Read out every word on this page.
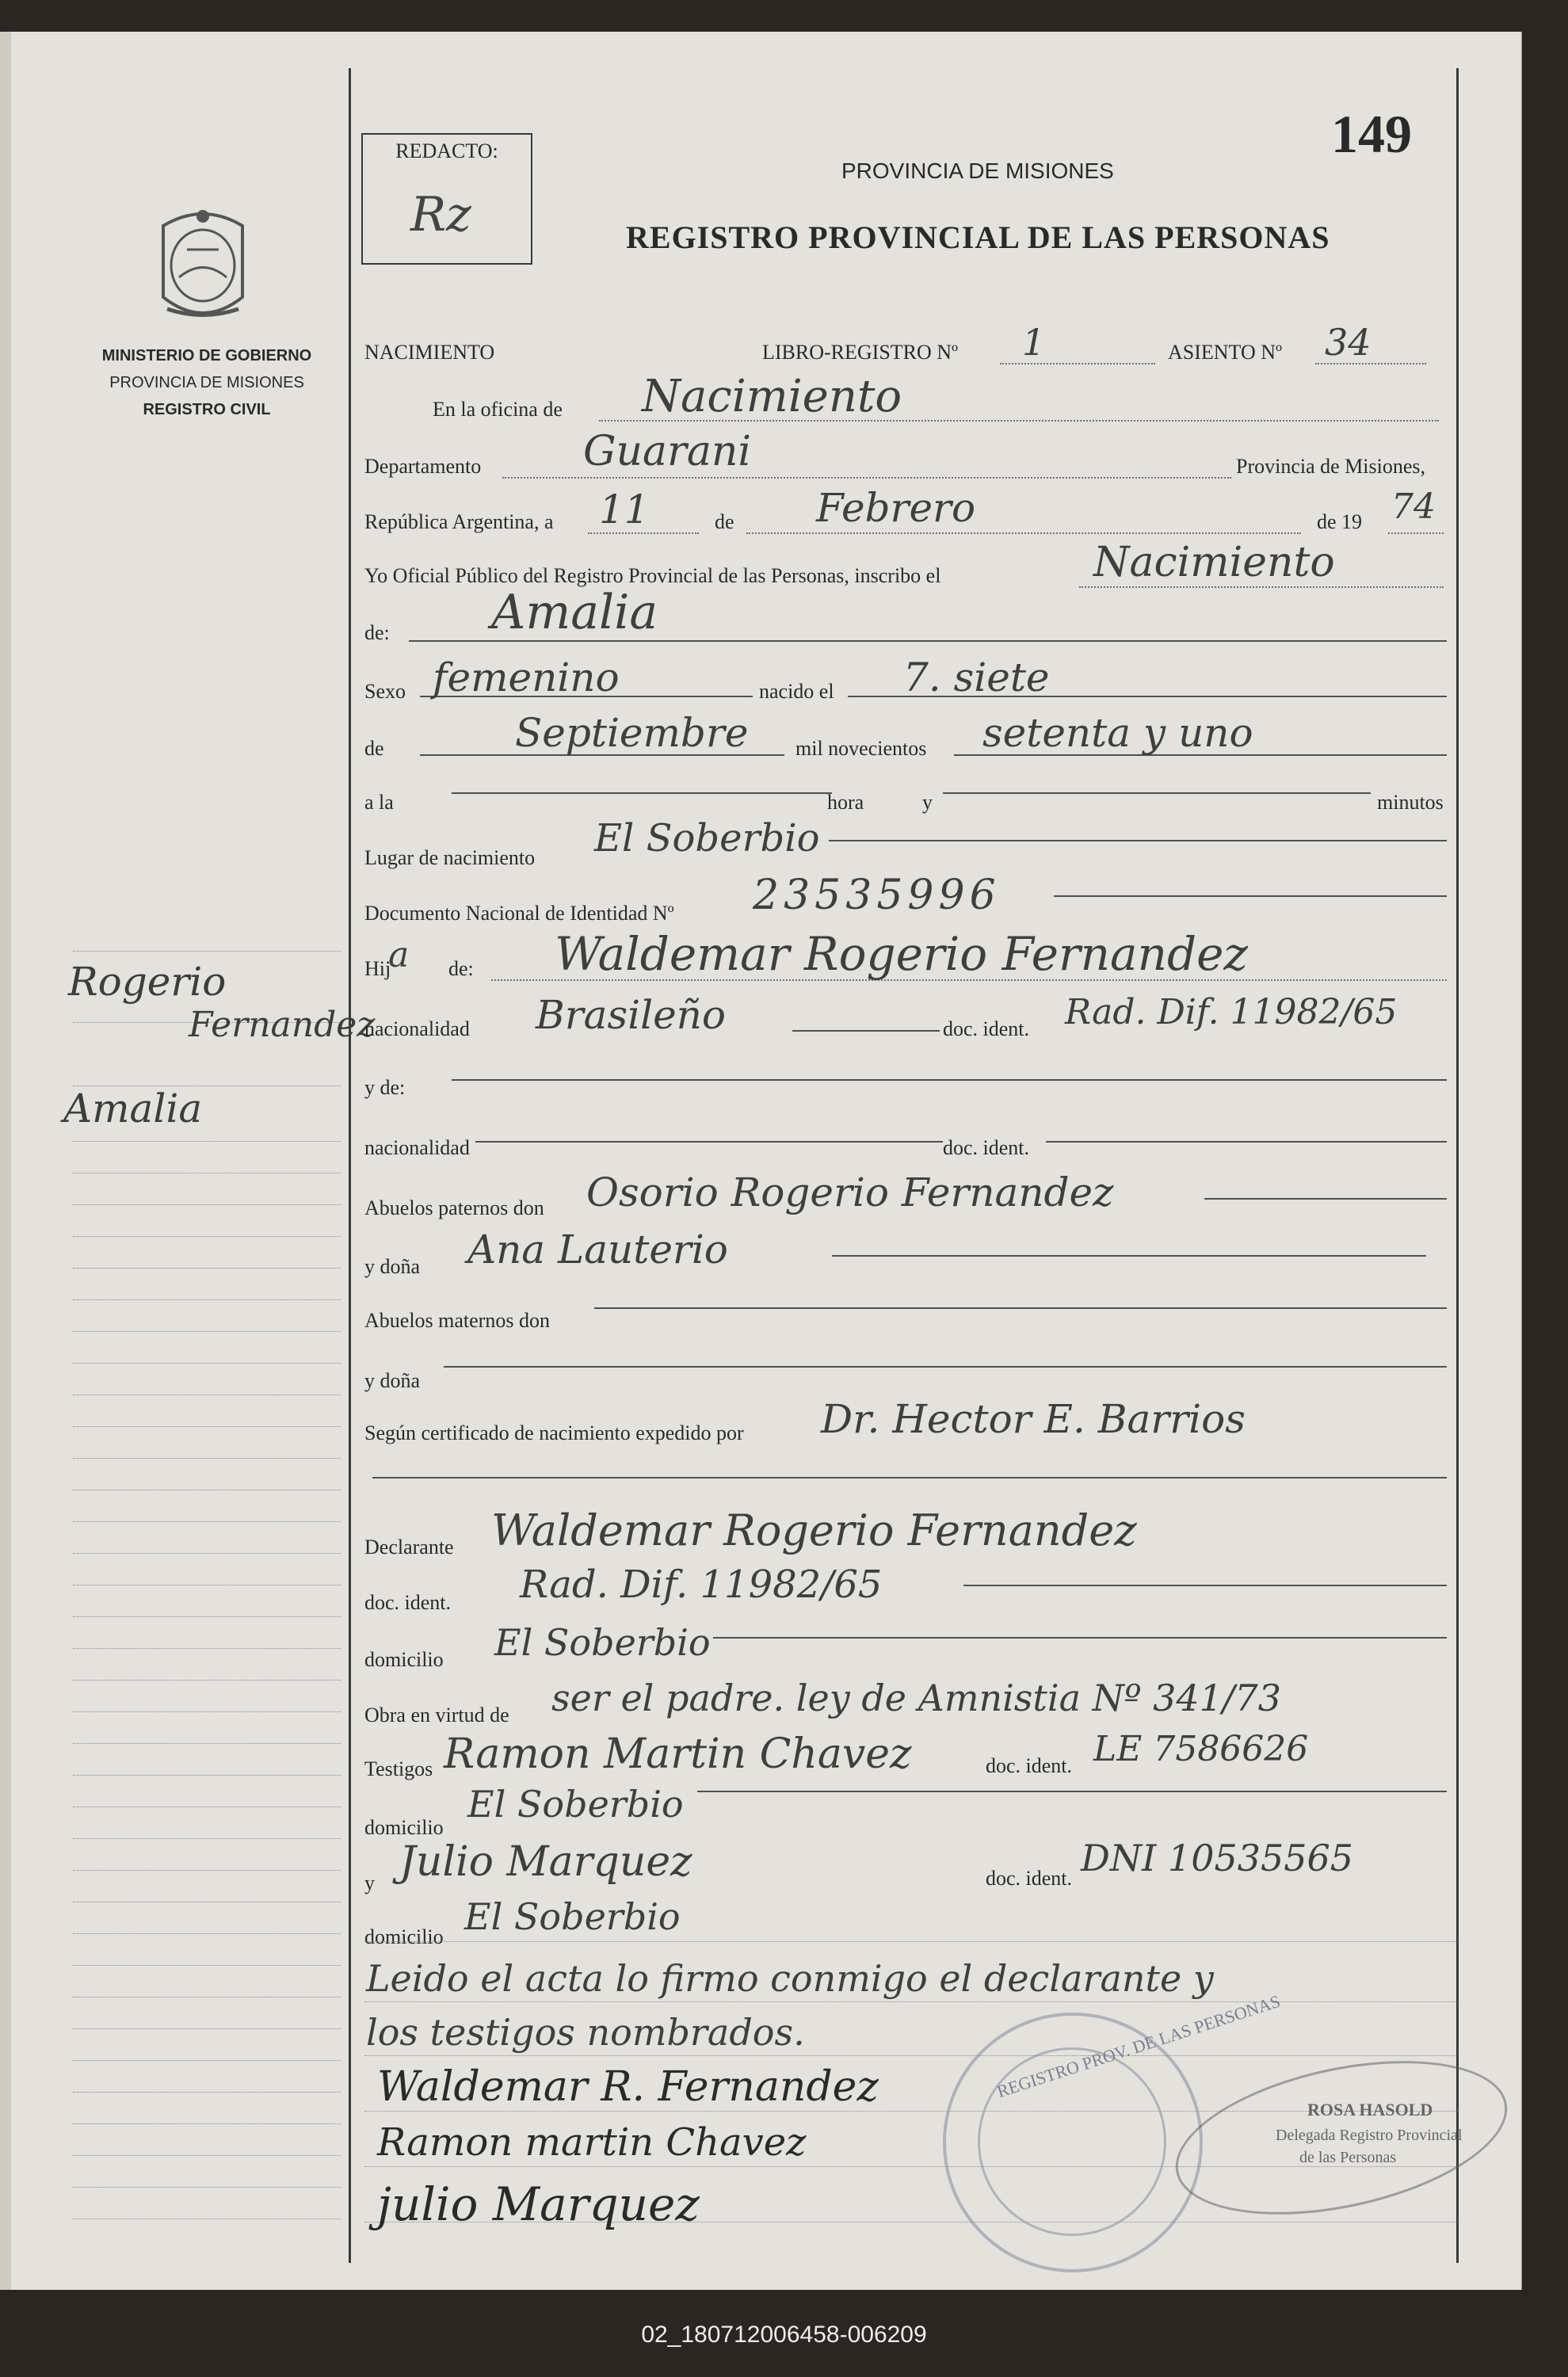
MINISTERIO DE GOBIERNO
PROVINCIA DE MISIONES
REGISTRO CIVIL
Rogerio
Fernandez
Amalia
REDACTO:
Rz
149
PROVINCIA DE MISIONES
REGISTRO PROVINCIAL DE LAS PERSONAS
NACIMIENTO	LIBRO-REGISTRO Nº 1	ASIENTO Nº 34
En la oficina de Nacimiento
Departamento Guarani	Provincia de Misiones,
República Argentina, a 11	de Febrero	de 19 74
Yo Oficial Público del Registro Provincial de las Personas, inscribo el	Nacimiento
de: Amalia
Sexo femenino	nacido el 7. siete
de	Septiembre mil novecientos setenta y uno
a la	hora	y	minutos
Lugar de nacimiento El Soberbio
Documento Nacional de Identidad Nº 23535996
Hij
a de: Waldemar Rogerio Fernandez
nacionalidad Brasileño	doc. ident. Rad. Dif. 11982/65
y de:
nacionalidad	doc. ident.
Abuelos paternos don Osorio Rogerio Fernandez
y doña Ana Lauterio
Abuelos maternos don
y doña
Según certificado de nacimiento expedido por Dr. Hector E. Barrios
Declarante Waldemar Rogerio Fernandez
doc. ident. Rad. Dif. 11982/65
domicilio El Soberbio
Obra en virtud de ser el padre. ley de Amnistia Nº 341/73
Testigos Ramon Martin Chavez	doc. ident. LE 7586626
domicilio
El Soberbio
y Julio Marquez	doc. ident. DNI 10535565
domicilio El Soberbio
Leido el acta lo firmo conmigo el declarante y
los testigos nombrados.
Waldemar R. Fernandez
Ramon martin Chavez
julio Marquez
REGISTRO PROV. DE LAS PERSONAS
ROSA HASOLD
Delegada Registro Provincial
de las Personas
02_180712006458-006209
